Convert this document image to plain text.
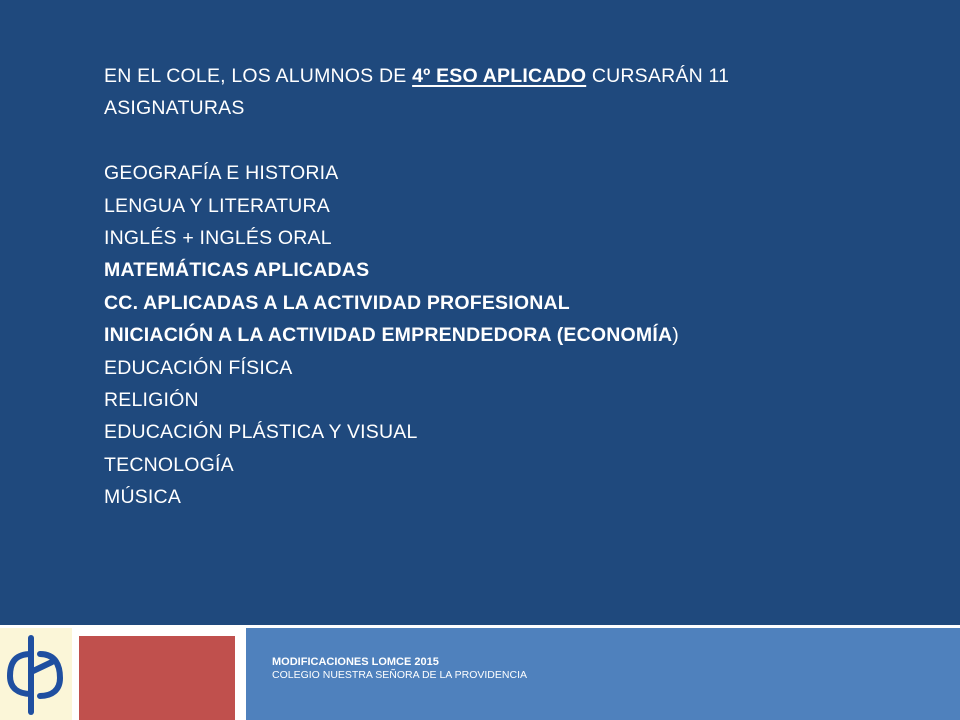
EN EL COLE, LOS ALUMNOS DE 4º ESO APLICADO CURSARÁN 11
ASIGNATURAS
GEOGRAFÍA E HISTORIA
LENGUA Y LITERATURA
INGLÉS + INGLÉS ORAL
MATEMÁTICAS APLICADAS
CC. APLICADAS A LA ACTIVIDAD PROFESIONAL
INICIACIÓN A LA ACTIVIDAD EMPRENDEDORA (ECONOMÍA)
EDUCACIÓN FÍSICA
RELIGIÓN
EDUCACIÓN PLÁSTICA Y VISUAL
TECNOLOGÍA
MÚSICA
MODIFICACIONES LOMCE 2015
COLEGIO NUESTRA SEÑORA DE LA PROVIDENCIA
